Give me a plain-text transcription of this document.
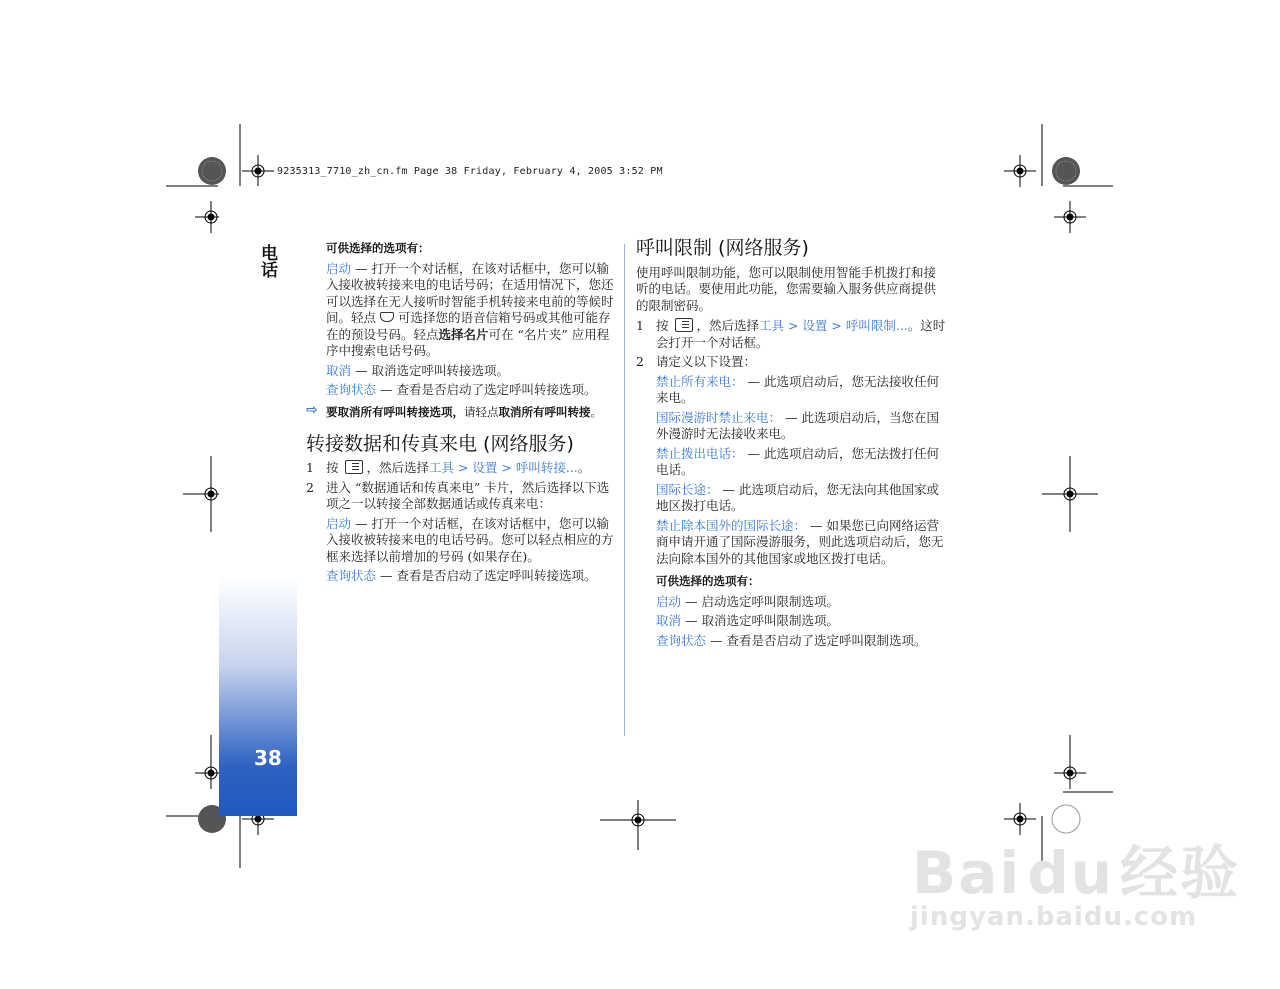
9235313_7710_zh_cn.fm Page 38 Friday, February 4, 2005 3:52 PM
电话
38

可供选择的选项有：

启动 — 打开一个对话框，在该对话框中，您可以输入接收被转接来电的电话号码；在适用情况下，您还可以选择在无人接听时智能手机转接来电前的等候时间。轻点  可选择您的语音信箱号码或其他可能存在的预设号码。轻点选择名片可在 “名片夹” 应用程序中搜索电话号码。

取消 — 取消选定呼叫转接选项。

查询状态 — 查看是否启动了选定呼叫转接选项。

⇨ 要取消所有呼叫转接选项，请轻点取消所有呼叫转接。
转接数据和传真来电 (网络服务)
1 按 ，然后选择工具 > 设置 > 呼叫转接...。
2 进入 “数据通话和传真来电” 卡片，然后选择以下选项之一以转接全部数据通话或传真来电：

启动 — 打开一个对话框，在该对话框中，您可以输入接收被转接来电的电话号码。您可以轻点相应的方框来选择以前增加的号码 (如果存在)。

查询状态 — 查看是否启动了选定呼叫转接选项。

呼叫限制 (网络服务)

使用呼叫限制功能，您可以限制使用智能手机拨打和接听的电话。要使用此功能，您需要输入服务供应商提供的限制密码。

1 按 ，然后选择工具 > 设置 > 呼叫限制...。这时会打开一个对话框。
2 请定义以下设置：

禁止所有来电： — 此选项启动后，您无法接收任何来电。

国际漫游时禁止来电： — 此选项启动后，当您在国外漫游时无法接收来电。

禁止拨出电话： — 此选项启动后，您无法拨打任何电话。

国际长途： — 此选项启动后，您无法向其他国家或地区拨打电话。

禁止除本国外的国际长途： — 如果您已向网络运营商申请开通了国际漫游服务，则此选项启动后，您无法向除本国外的其他国家或地区拨打电话。

可供选择的选项有：

启动 — 启动选定呼叫限制选项。

取消 — 取消选定呼叫限制选项。

查询状态 — 查看是否启动了选定呼叫限制选项。

Bai du 经验
jingyan.baidu.com
